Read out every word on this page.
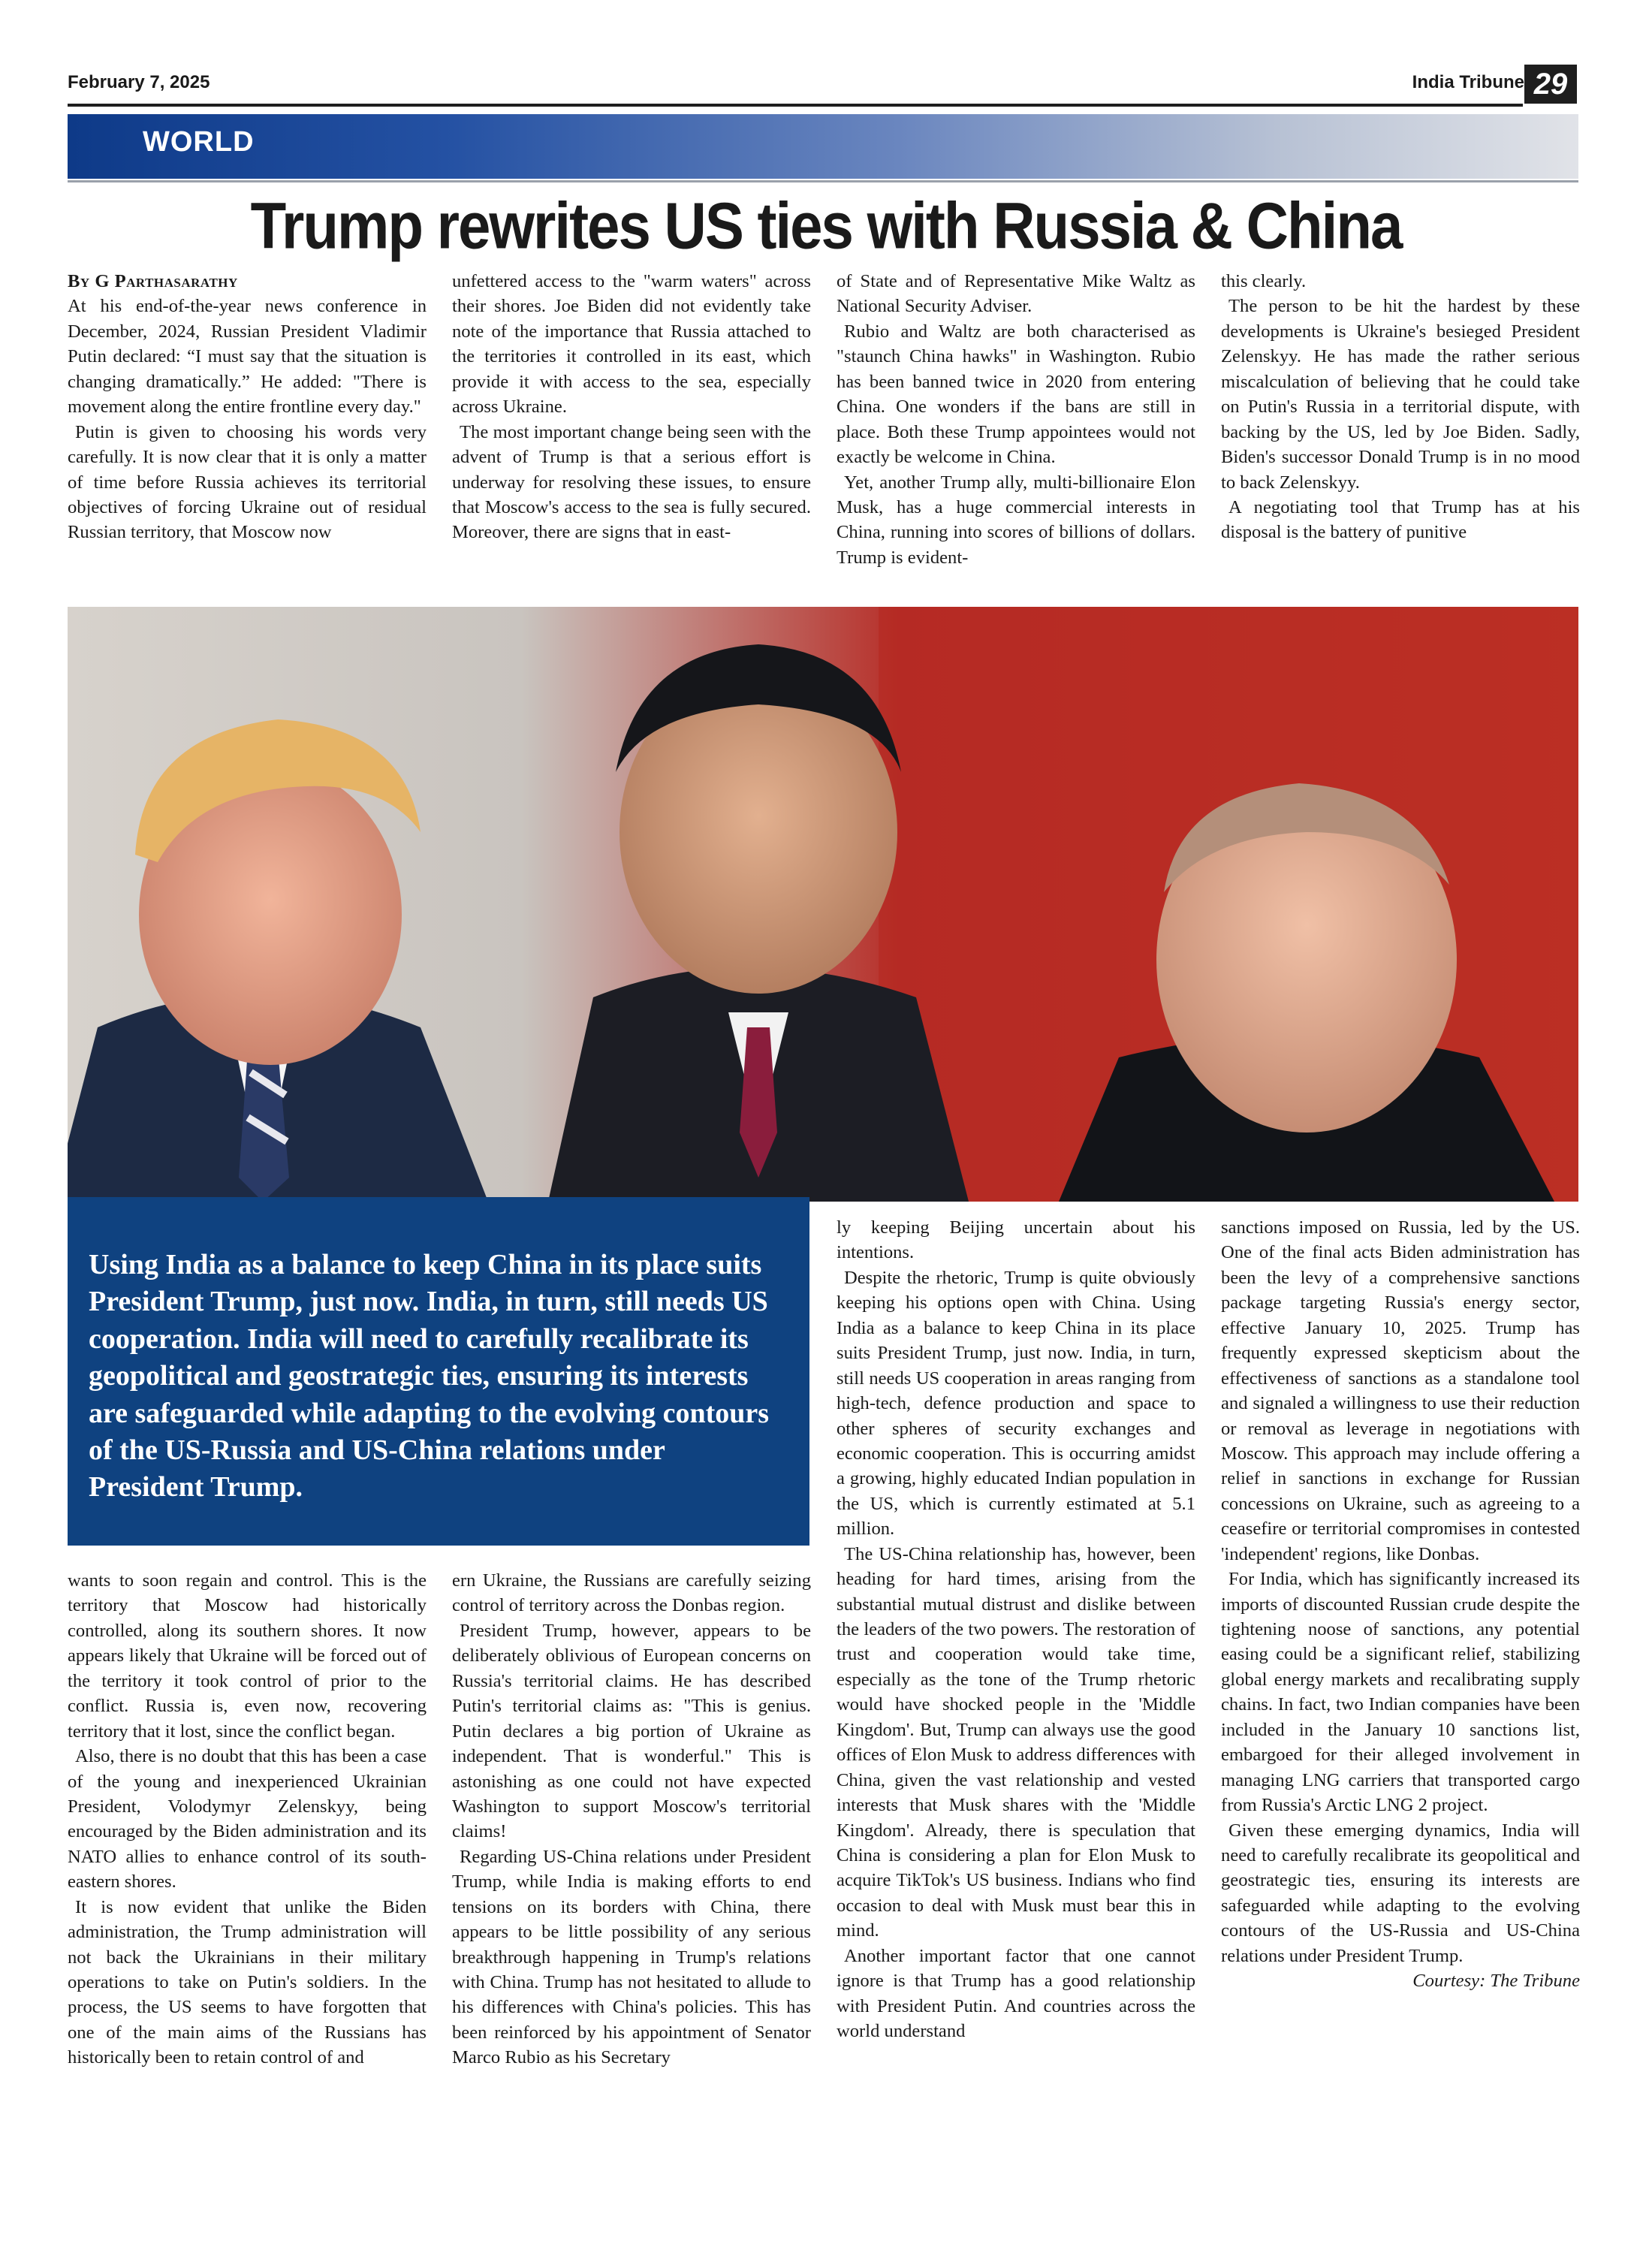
February 7, 2025	India Tribune 29
WORLD
Trump rewrites US ties with Russia & China

By G Parthasarathy

At his end-of-the-year news conference in December, 2024, Russian President Vladimir Putin declared: “I must say that the situation is changing dramatically.” He added: "There is movement along the entire frontline every day."

Putin is given to choosing his words very carefully. It is now clear that it is only a matter of time before Russia achieves its territorial objectives of forcing Ukraine out of residual Russian territory, that Moscow now

unfettered access to the "warm waters" across their shores. Joe Biden did not evidently take note of the importance that Russia attached to the territories it controlled in its east, which provide it with access to the sea, especially across Ukraine.

The most important change being seen with the advent of Trump is that a serious effort is underway for resolving these issues, to ensure that Moscow's access to the sea is fully secured. Moreover, there are signs that in east-

of State and of Representative Mike Waltz as National Security Adviser.

Rubio and Waltz are both characterised as "staunch China hawks" in Washington. Rubio has been banned twice in 2020 from entering China. One wonders if the bans are still in place. Both these Trump appointees would not exactly be welcome in China.

Yet, another Trump ally, multi-billionaire Elon Musk, has a huge commercial interests in China, running into scores of billions of dollars. Trump is evident-

this clearly.

The person to be hit the hardest by these developments is Ukraine's besieged President Zelenskyy. He has made the rather serious miscalculation of believing that he could take on Putin's Russia in a territorial dispute, with backing by the US, led by Joe Biden. Sadly, Biden's successor Donald Trump is in no mood to back Zelenskyy.

A negotiating tool that Trump has at his disposal is the battery of punitive

Using India as a balance to keep China in its place suits President Trump, just now. India, in turn, still needs US cooperation. India will need to carefully recalibrate its geopolitical and geostrategic ties, ensuring its interests are safeguarded while adapting to the evolving contours of the US-Russia and US-China relations under President Trump.

ly keeping Beijing uncertain about his intentions.

Despite the rhetoric, Trump is quite obviously keeping his options open with China. Using India as a balance to keep China in its place suits President Trump, just now. India, in turn, still needs US cooperation in areas ranging from high-tech, defence production and space to other spheres of security exchanges and economic cooperation. This is occurring amidst a growing, highly educated Indian population in the US, which is currently estimated at 5.1 million.

The US-China relationship has, however, been heading for hard times, arising from the substantial mutual distrust and dislike between the leaders of the two powers. The restoration of trust and cooperation would take time, especially as the tone of the Trump rhetoric would have shocked people in the 'Middle Kingdom'. But, Trump can always use the good offices of Elon Musk to address differences with China, given the vast relationship and vested interests that Musk shares with the 'Middle Kingdom'. Already, there is speculation that China is considering a plan for Elon Musk to acquire TikTok's US business. Indians who find occasion to deal with Musk must bear this in mind.

Another important factor that one cannot ignore is that Trump has a good relationship with President Putin. And countries across the world understand

sanctions imposed on Russia, led by the US. One of the final acts Biden administration has been the levy of a comprehensive sanctions package targeting Russia's energy sector, effective January 10, 2025. Trump has frequently expressed skepticism about the effectiveness of sanctions as a standalone tool and signaled a willingness to use their reduction or removal as leverage in negotiations with Moscow. This approach may include offering a relief in sanctions in exchange for Russian concessions on Ukraine, such as agreeing to a ceasefire or territorial compromises in contested 'independent' regions, like Donbas.

For India, which has significantly increased its imports of discounted Russian crude despite the tightening noose of sanctions, any potential easing could be a significant relief, stabilizing global energy markets and recalibrating supply chains. In fact, two Indian companies have been included in the January 10 sanctions list, embargoed for their alleged involvement in managing LNG carriers that transported cargo from Russia's Arctic LNG 2 project.

Given these emerging dynamics, India will need to carefully recalibrate its geopolitical and geostrategic ties, ensuring its interests are safeguarded while adapting to the evolving contours of the US-Russia and US-China relations under President Trump.

Courtesy: The Tribune

wants to soon regain and control. This is the territory that Moscow had historically controlled, along its southern shores. It now appears likely that Ukraine will be forced out of the territory it took control of prior to the conflict. Russia is, even now, recovering territory that it lost, since the conflict began.

Also, there is no doubt that this has been a case of the young and inexperienced Ukrainian President, Volodymyr Zelenskyy, being encouraged by the Biden administration and its NATO allies to enhance control of its south-eastern shores.

It is now evident that unlike the Biden administration, the Trump administration will not back the Ukrainians in their military operations to take on Putin's soldiers. In the process, the US seems to have forgotten that one of the main aims of the Russians has historically been to retain control of and

ern Ukraine, the Russians are carefully seizing control of territory across the Donbas region.

President Trump, however, appears to be deliberately oblivious of European concerns on Russia's territorial claims. He has described Putin's territorial claims as: "This is genius. Putin declares a big portion of Ukraine as independent. That is wonderful." This is astonishing as one could not have expected Washington to support Moscow's territorial claims!

Regarding US-China relations under President Trump, while India is making efforts to end tensions on its borders with China, there appears to be little possibility of any serious breakthrough happening in Trump's relations with China. Trump has not hesitated to allude to his differences with China's policies. This has been reinforced by his appointment of Senator Marco Rubio as his Secretary
